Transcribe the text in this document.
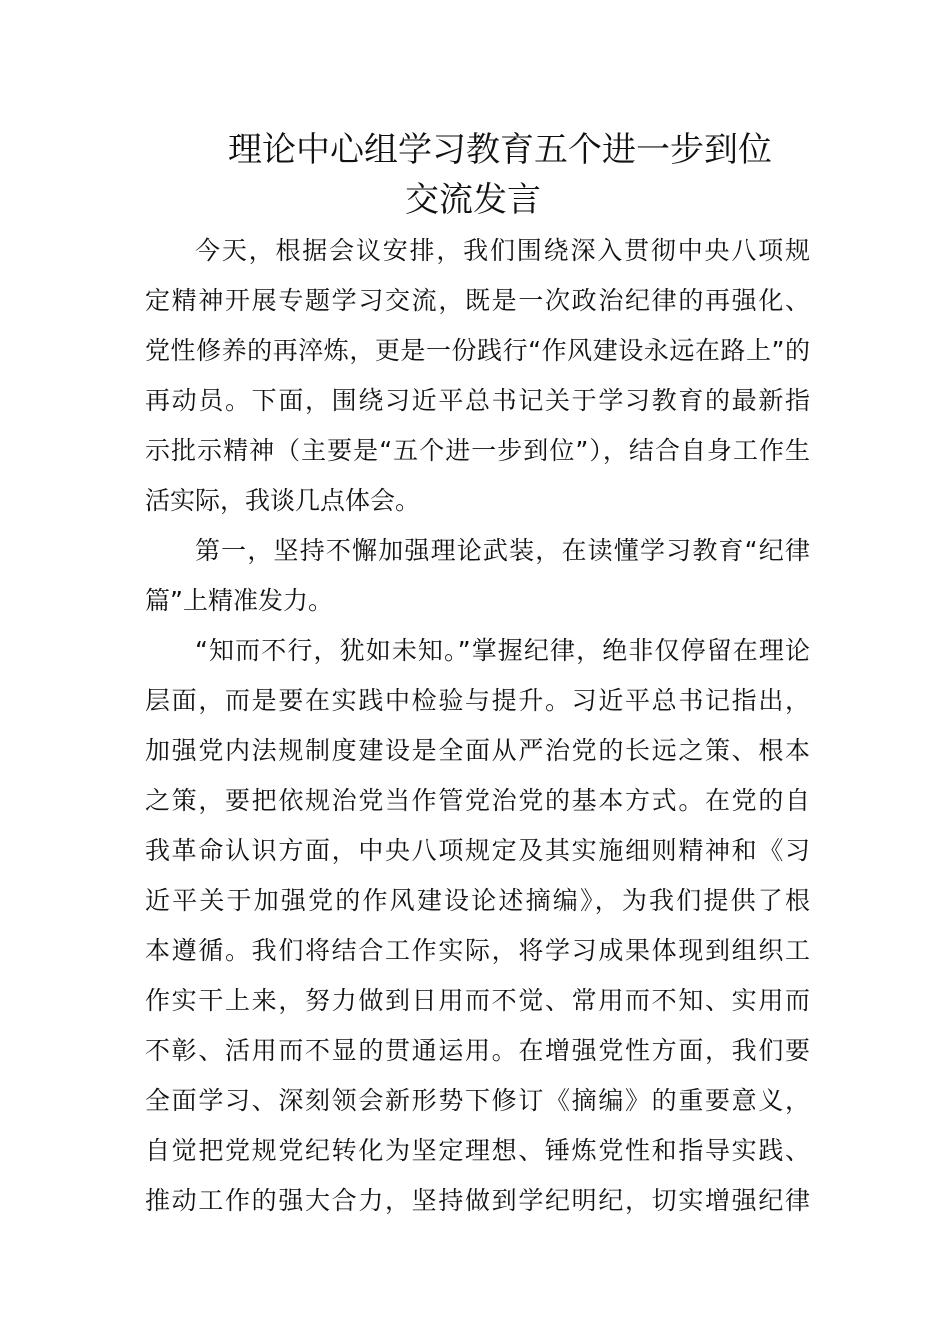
理论中心组学习教育五个进一步到位
交流发言
今天，根据会议安排，我们围绕深入贯彻中央八项规
定精神开展专题学习交流，既是一次政治纪律的再强化、
党性修养的再淬炼，更是一份践行“作风建设永远在路上”的
再动员。下面，围绕习近平总书记关于学习教育的最新指
示批示精神（主要是“五个进一步到位”），结合自身工作生
活实际，我谈几点体会。
第一，坚持不懈加强理论武装，在读懂学习教育“纪律
篇”上精准发力。
“知而不行，犹如未知。”掌握纪律，绝非仅停留在理论
层面，而是要在实践中检验与提升。习近平总书记指出，
加强党内法规制度建设是全面从严治党的长远之策、根本
之策，要把依规治党当作管党治党的基本方式。在党的自
我革命认识方面，中央八项规定及其实施细则精神和《习
近平关于加强党的作风建设论述摘编》，为我们提供了根
本遵循。我们将结合工作实际，将学习成果体现到组织工
作实干上来，努力做到日用而不觉、常用而不知、实用而
不彰、活用而不显的贯通运用。在增强党性方面，我们要
全面学习、深刻领会新形势下修订《摘编》的重要意义，
自觉把党规党纪转化为坚定理想、锤炼党性和指导实践、
推动工作的强大合力，坚持做到学纪明纪，切实增强纪律
